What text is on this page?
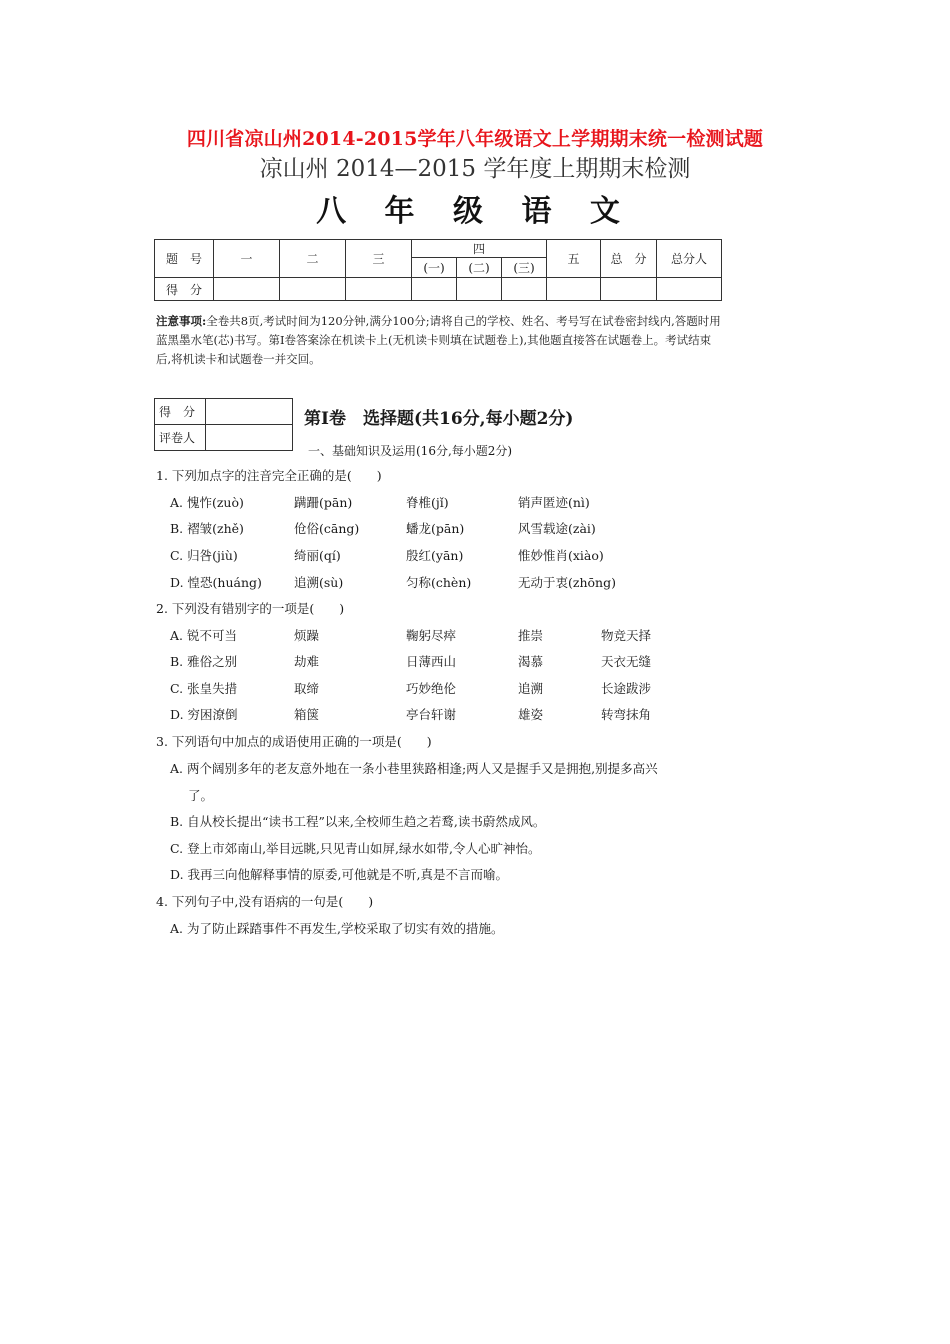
四川省凉山州2014-2015学年八年级语文上学期期末统一检测试题
凉山州 2014—2015 学年度上期期末检测
八 年 级 语 文
题　号	一	二	三	四			五	总　分	总分人
				(一)	(二)	(三)			
得　分									
注意事项:全卷共8页,考试时间为120分钟,满分100分;请将自己的学校、姓名、考号写在试卷密封线内,答题时用蓝黑墨水笔(芯)书写。第Ⅰ卷答案涂在机读卡上(无机读卡则填在试题卷上),其他题直接答在试题卷上。考试结束后,将机读卡和试题卷一并交回。
得　分	
评卷人	
第Ⅰ卷　选择题(共16分,每小题2分)
一、基础知识及运用(16分,每小题2分)
1. 下列加点字的注音完全正确的是(　　)
A. 愧怍(zuò)	蹒跚(pān)	脊椎(jǐ)	销声匿迹(nì)
B. 褶皱(zhě)	伧俗(cāng)	蟠龙(pān)	风雪载途(zài)
C. 归咎(jiù)	绮丽(qí)	殷红(yān)	惟妙惟肖(xiào)
D. 惶恐(huáng)	追溯(sù)	匀称(chèn)	无动于衷(zhōng)
2. 下列没有错别字的一项是(　　)
A. 锐不可当	烦躁	鞠躬尽瘁	推崇	物竞天择
B. 雅俗之别	劫难	日薄西山	渴慕	天衣无缝
C. 张皇失措	取缔	巧妙绝伦	追溯	长途跋涉
D. 穷困潦倒	箱箧	亭台轩谢	雄姿	转弯抹角
3. 下列语句中加点的成语使用正确的一项是(　　)
A. 两个阔别多年的老友意外地在一条小巷里狭路相逢;两人又是握手又是拥抱,别提多高兴
了。
B. 自从校长提出“读书工程”以来,全校师生趋之若鹜,读书蔚然成风。
C. 登上市郊南山,举目远眺,只见青山如屏,绿水如带,令人心旷神怡。
D. 我再三向他解释事情的原委,可他就是不听,真是不言而喻。
4. 下列句子中,没有语病的一句是(　　)
A. 为了防止踩踏事件不再发生,学校采取了切实有效的措施。
